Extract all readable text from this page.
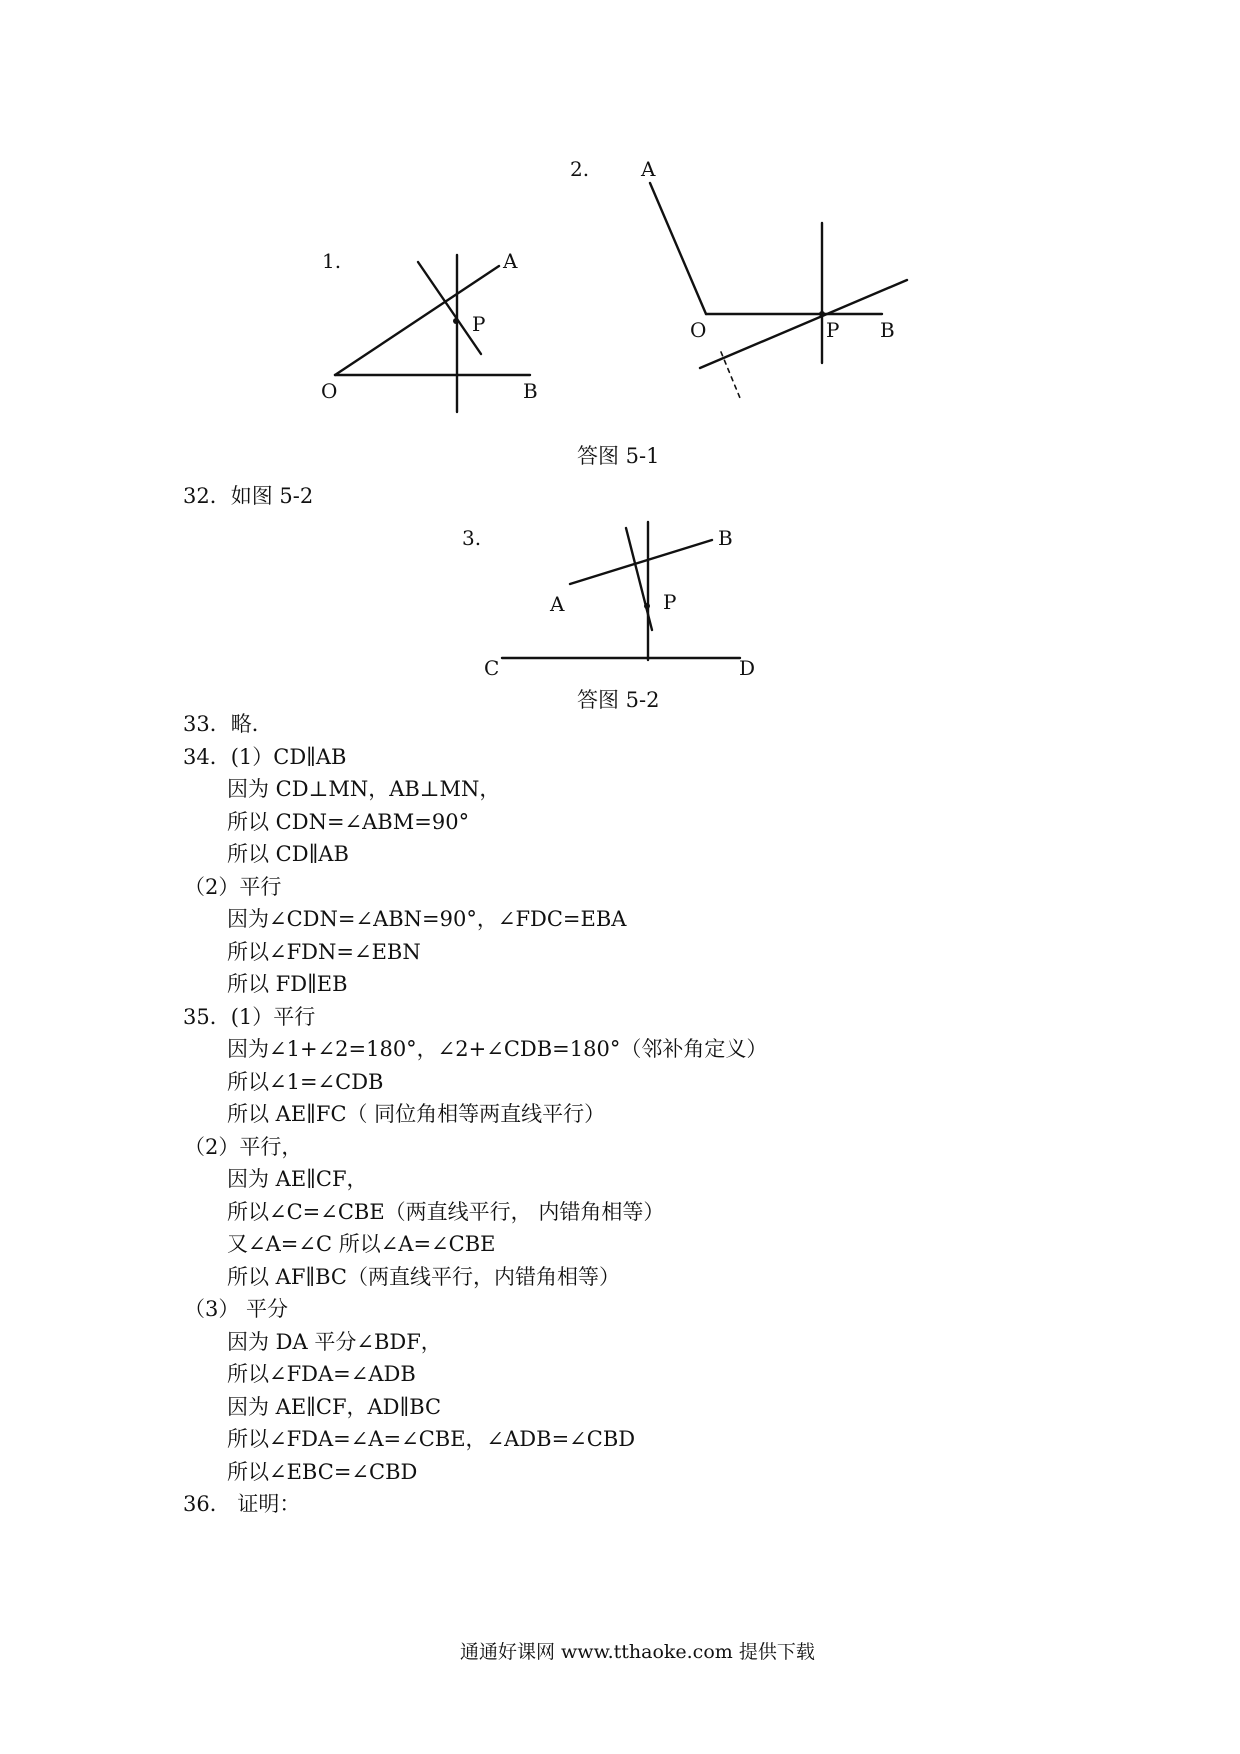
1.	A
P
O	B
2.	A
O	P B
答图 5-1
32．如图 5-2
3.	B
A	P
C	D
答图 5-2
33．略．
34．(1）CD∥AB
因为 CD⊥MN，AB⊥MN，
所以 CDN=∠ABM=90°
所以 CD∥AB
（2）平行
因为∠CDN=∠ABN=90°，∠FDC=EBA
所以∠FDN=∠EBN
所以 FD∥EB
35．(1）平行
因为∠1+∠2=180°，∠2+∠CDB=180°（邻补角定义）
所以∠1=∠CDB
所以 AE∥FC（ 同位角相等两直线平行）
（2）平行，
因为 AE∥CF，
所以∠C=∠CBE（两直线平行， 内错角相等）
又∠A=∠C 所以∠A=∠CBE
所以 AF∥BC（两直线平行，内错角相等）
（3） 平分
因为 DA 平分∠BDF，
所以∠FDA=∠ADB
因为 AE∥CF，AD∥BC
所以∠FDA=∠A=∠CBE，∠ADB=∠CBD
所以∠EBC=∠CBD
36． 证明：
通通好课网 www.tthaoke.com 提供下载
